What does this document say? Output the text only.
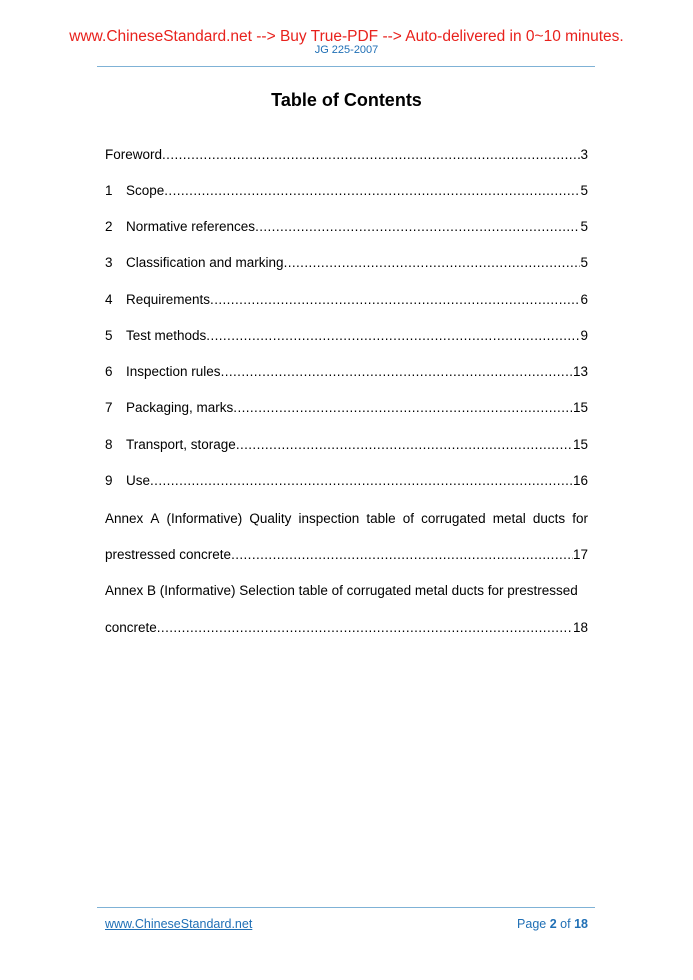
www.ChineseStandard.net --> Buy True-PDF --> Auto-delivered in 0~10 minutes.
JG 225-2007
Table of Contents
Foreword .....	3
1 Scope .....	5
2 Normative references .....	5
3 Classification and marking .....	5
4 Requirements .....	6
5 Test methods .....	9
6 Inspection rules .....	13
7 Packaging, marks .....	15
8 Transport, storage .....	15
9 Use .....	16
Annex A (Informative) Quality inspection table of corrugated metal ducts for
prestressed concrete .....	17
Annex B (Informative) Selection table of corrugated metal ducts for prestressed
concrete .....	18
www.ChineseStandard.net	Page 2 of 18
